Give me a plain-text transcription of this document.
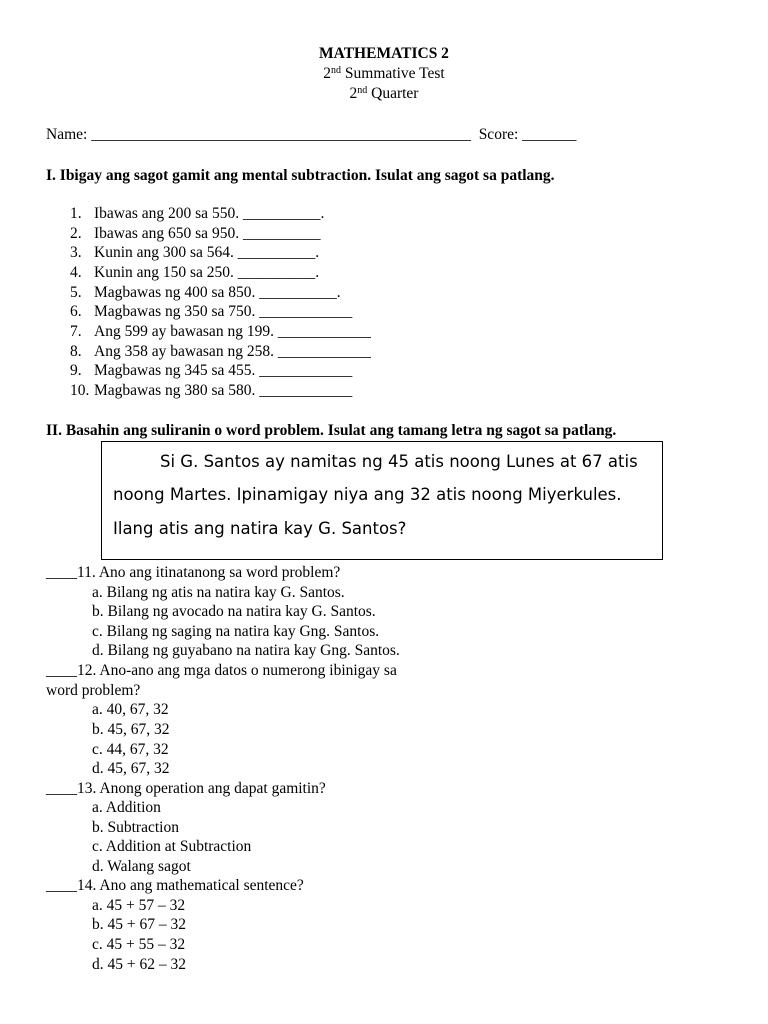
MATHEMATICS 2
2nd Summative Test
2nd Quarter
Name: _________________________________________________  Score: _______
I. Ibigay ang sagot gamit ang mental subtraction. Isulat ang sagot sa patlang.
1. Ibawas ang 200 sa 550. __________.
2. Ibawas ang 650 sa 950. __________
3. Kunin ang 300 sa 564. __________.
4. Kunin ang 150 sa 250. __________.
5. Magbawas ng 400 sa 850. __________.
6. Magbawas ng 350 sa 750. ____________
7. Ang 599 ay bawasan ng 199. ____________
8. Ang 358 ay bawasan ng 258. ____________
9. Magbawas ng 345 sa 455. ____________
10. Magbawas ng 380 sa 580. ____________
II. Basahin ang suliranin o word problem. Isulat ang tamang letra ng sagot sa patlang.
Si G. Santos ay namitas ng 45 atis noong Lunes at 67 atis
noong Martes. Ipinamigay niya ang 32 atis noong Miyerkules.
Ilang atis ang natira kay G. Santos?
____11. Ano ang itinatanong sa word problem?
a. Bilang ng atis na natira kay G. Santos.
b. Bilang ng avocado na natira kay G. Santos.
c. Bilang ng saging na natira kay Gng. Santos.
d. Bilang ng guyabano na natira kay Gng. Santos.
____12. Ano-ano ang mga datos o numerong ibinigay sa
word problem?
a. 40, 67, 32
b. 45, 67, 32
c. 44, 67, 32
d. 45, 67, 32
____13. Anong operation ang dapat gamitin?
a. Addition
b. Subtraction
c. Addition at Subtraction
d. Walang sagot
____14. Ano ang mathematical sentence?
a. 45 + 57 – 32
b. 45 + 67 – 32
c. 45 + 55 – 32
d. 45 + 62 – 32
